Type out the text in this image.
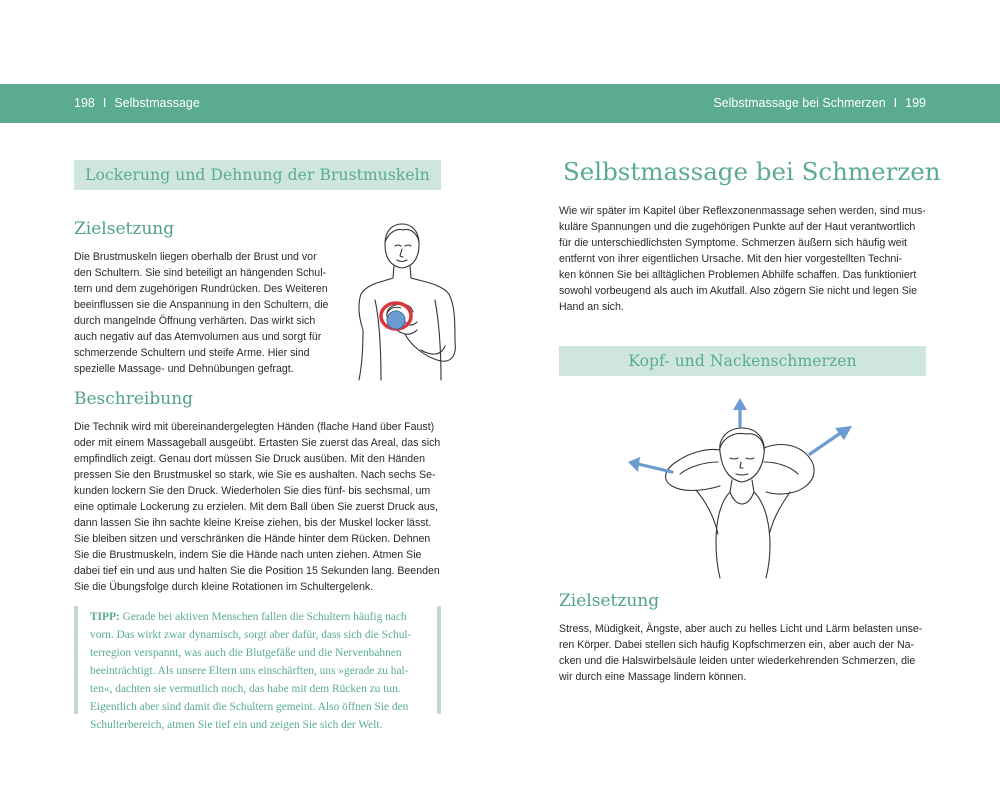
198 I Selbstmassage	Selbstmassage bei Schmerzen I 199
Lockerung und Dehnung der Brustmuskeln
Zielsetzung
Die Brustmuskeln liegen oberhalb der Brust und vor
den Schultern. Sie sind beteiligt an hängenden Schul-
tern und dem zugehörigen Rundrücken. Des Weiteren
beeinflussen sie die Anspannung in den Schultern, die
durch mangelnde Öffnung verhärten. Das wirkt sich
auch negativ auf das Atemvolumen aus und sorgt für
schmerzende Schultern und steife Arme. Hier sind
spezielle Massage- und Dehnübungen gefragt.
Beschreibung
Die Technik wird mit übereinandergelegten Händen (flache Hand über Faust)
oder mit einem Massageball ausgeübt. Ertasten Sie zuerst das Areal, das sich
empfindlich zeigt. Genau dort müssen Sie Druck ausüben. Mit den Händen
pressen Sie den Brustmuskel so stark, wie Sie es aushalten. Nach sechs Se-
kunden lockern Sie den Druck. Wiederholen Sie dies fünf- bis sechsmal, um
eine optimale Lockerung zu erzielen. Mit dem Ball üben Sie zuerst Druck aus,
dann lassen Sie ihn sachte kleine Kreise ziehen, bis der Muskel locker lässt.
Sie bleiben sitzen und verschränken die Hände hinter dem Rücken. Dehnen
Sie die Brustmuskeln, indem Sie die Hände nach unten ziehen. Atmen Sie
dabei tief ein und aus und halten Sie die Position 15 Sekunden lang. Beenden
Sie die Übungsfolge durch kleine Rotationen im Schultergelenk.
TIPP: Gerade bei aktiven Menschen fallen die Schultern häufig nach
vorn. Das wirkt zwar dynamisch, sorgt aber dafür, dass sich die Schul-
terregion verspannt, was auch die Blutgefäße und die Nervenbahnen
beeinträchtigt. Als unsere Eltern uns einschärften, uns »gerade zu hal-
ten«, dachten sie vermutlich noch, das habe mit dem Rücken zu tun.
Eigentlich aber sind damit die Schultern gemeint. Also öffnen Sie den
Schulterbereich, atmen Sie tief ein und zeigen Sie sich der Welt.
Selbstmassage bei Schmerzen
Wie wir später im Kapitel über Reflexzonenmassage sehen werden, sind mus-
kuläre Spannungen und die zugehörigen Punkte auf der Haut verantwortlich
für die unterschiedlichsten Symptome. Schmerzen äußern sich häufig weit
entfernt von ihrer eigentlichen Ursache. Mit den hier vorgestellten Techni-
ken können Sie bei alltäglichen Problemen Abhilfe schaffen. Das funktioniert
sowohl vorbeugend als auch im Akutfall. Also zögern Sie nicht und legen Sie
Hand an sich.
Kopf- und Nackenschmerzen
Zielsetzung
Stress, Müdigkeit, Ängste, aber auch zu helles Licht und Lärm belasten unse-
ren Körper. Dabei stellen sich häufig Kopfschmerzen ein, aber auch der Na-
cken und die Halswirbelsäule leiden unter wiederkehrenden Schmerzen, die
wir durch eine Massage lindern können.
